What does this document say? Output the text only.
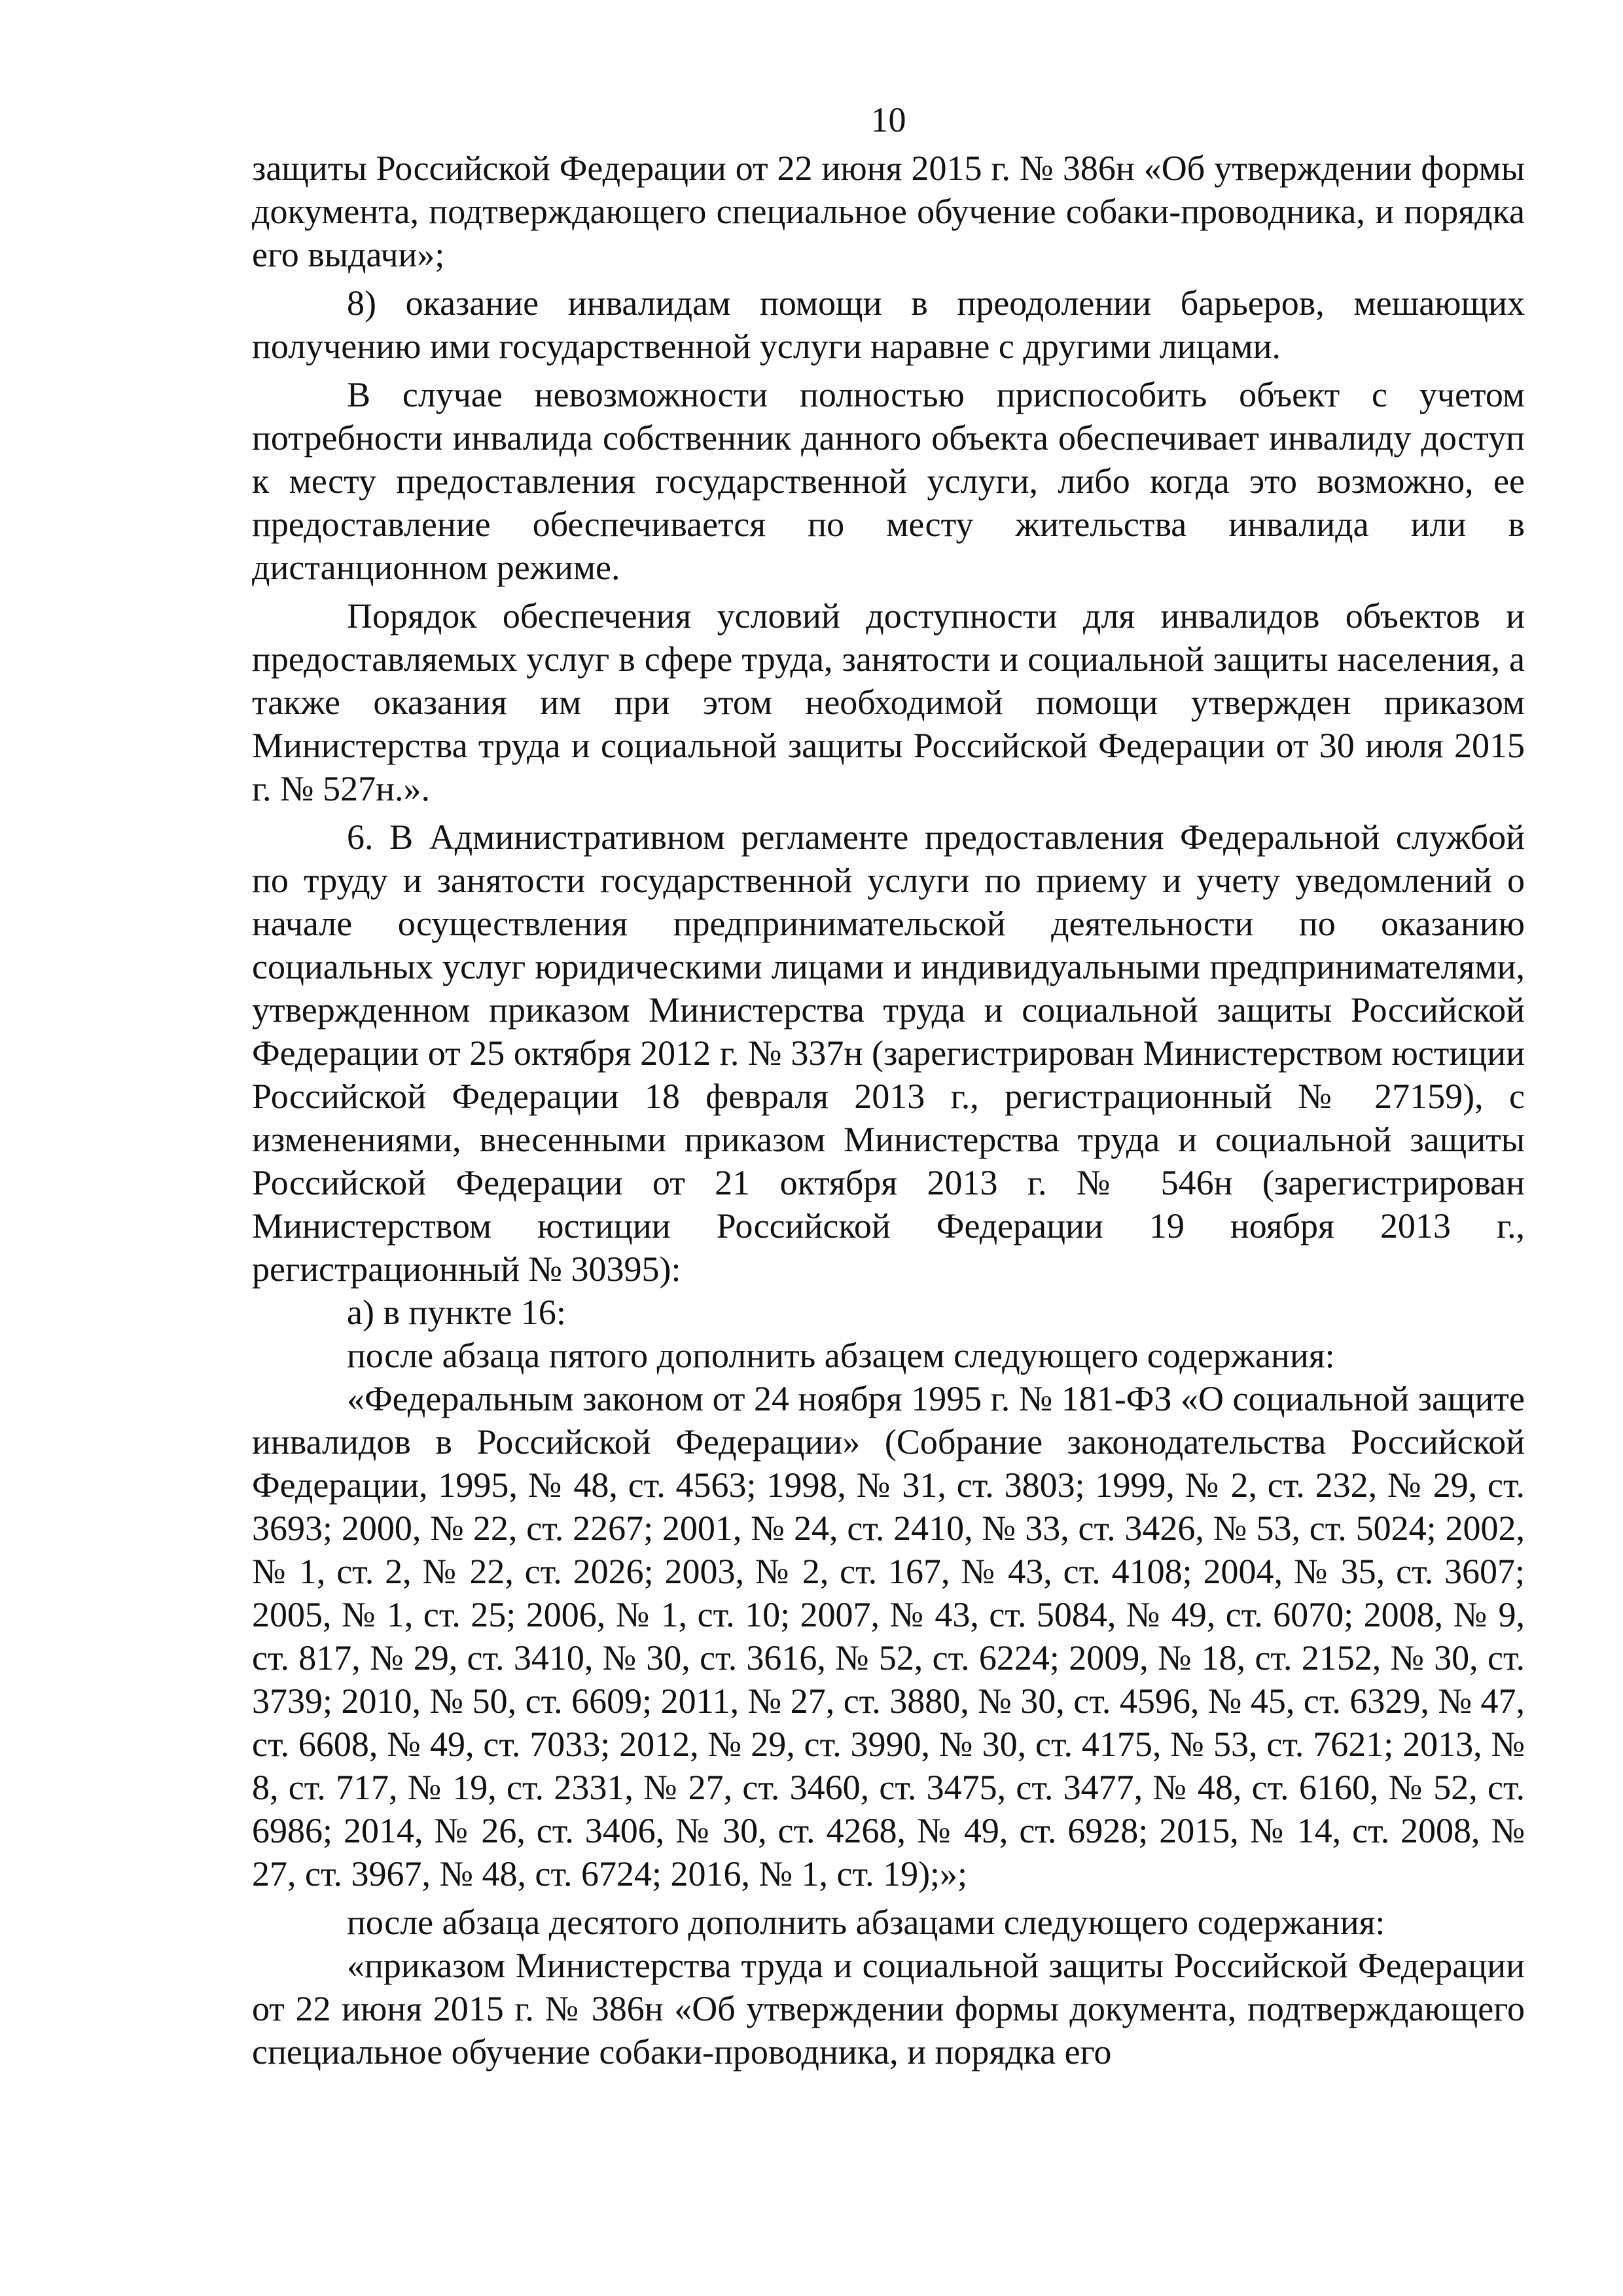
10

защиты Российской Федерации от 22 июня 2015 г. № 386н «Об утверждении формы документа, подтверждающего специальное обучение собаки-проводника, и порядка его выдачи»;

8) оказание инвалидам помощи в преодолении барьеров, мешающих получению ими государственной услуги наравне с другими лицами.

В случае невозможности полностью приспособить объект с учетом потребности инвалида собственник данного объекта обеспечивает инвалиду доступ к месту предоставления государственной услуги, либо когда это возможно, ее предоставление обеспечивается по месту жительства инвалида или в дистанционном режиме.

Порядок обеспечения условий доступности для инвалидов объектов и предоставляемых услуг в сфере труда, занятости и социальной защиты населения, а также оказания им при этом необходимой помощи утвержден приказом Министерства труда и социальной защиты Российской Федерации от 30 июля 2015 г. № 527н.».

6. В Административном регламенте предоставления Федеральной службой по труду и занятости государственной услуги по приему и учету уведомлений о начале осуществления предпринимательской деятельности по оказанию социальных услуг юридическими лицами и индивидуальными предпринимателями, утвержденном приказом Министерства труда и социальной защиты Российской Федерации от 25 октября 2012 г. № 337н (зарегистрирован Министерством юстиции Российской Федерации 18 февраля 2013 г., регистрационный № 27159), с изменениями, внесенными приказом Министерства труда и социальной защиты Российской Федерации от 21 октября 2013 г. № 546н (зарегистрирован Министерством юстиции Российской Федерации 19 ноября 2013 г., регистрационный № 30395):

а) в пункте 16:

после абзаца пятого дополнить абзацем следующего содержания:

«Федеральным законом от 24 ноября 1995 г. № 181-ФЗ «О социальной защите инвалидов в Российской Федерации» (Собрание законодательства Российской Федерации, 1995, № 48, ст. 4563; 1998, № 31, ст. 3803; 1999, № 2, ст. 232, № 29, ст. 3693; 2000, № 22, ст. 2267; 2001, № 24, ст. 2410, № 33, ст. 3426, № 53, ст. 5024; 2002, № 1, ст. 2, № 22, ст. 2026; 2003, № 2, ст. 167, № 43, ст. 4108; 2004, № 35, ст. 3607; 2005, № 1, ст. 25; 2006, № 1, ст. 10; 2007, № 43, ст. 5084, № 49, ст. 6070; 2008, № 9, ст. 817, № 29, ст. 3410, № 30, ст. 3616, № 52, ст. 6224; 2009, № 18, ст. 2152, № 30, ст. 3739; 2010, № 50, ст. 6609; 2011, № 27, ст. 3880, № 30, ст. 4596, № 45, ст. 6329, № 47, ст. 6608, № 49, ст. 7033; 2012, № 29, ст. 3990, № 30, ст. 4175, № 53, ст. 7621; 2013, № 8, ст. 717, № 19, ст. 2331, № 27, ст. 3460, ст. 3475, ст. 3477, № 48, ст. 6160, № 52, ст. 6986; 2014, № 26, ст. 3406, № 30, ст. 4268, № 49, ст. 6928; 2015, № 14, ст. 2008, № 27, ст. 3967, № 48, ст. 6724; 2016, № 1, ст. 19);»;

после абзаца десятого дополнить абзацами следующего содержания:

«приказом Министерства труда и социальной защиты Российской Федерации от 22 июня 2015 г. № 386н «Об утверждении формы документа, подтверждающего специальное обучение собаки-проводника, и порядка его
